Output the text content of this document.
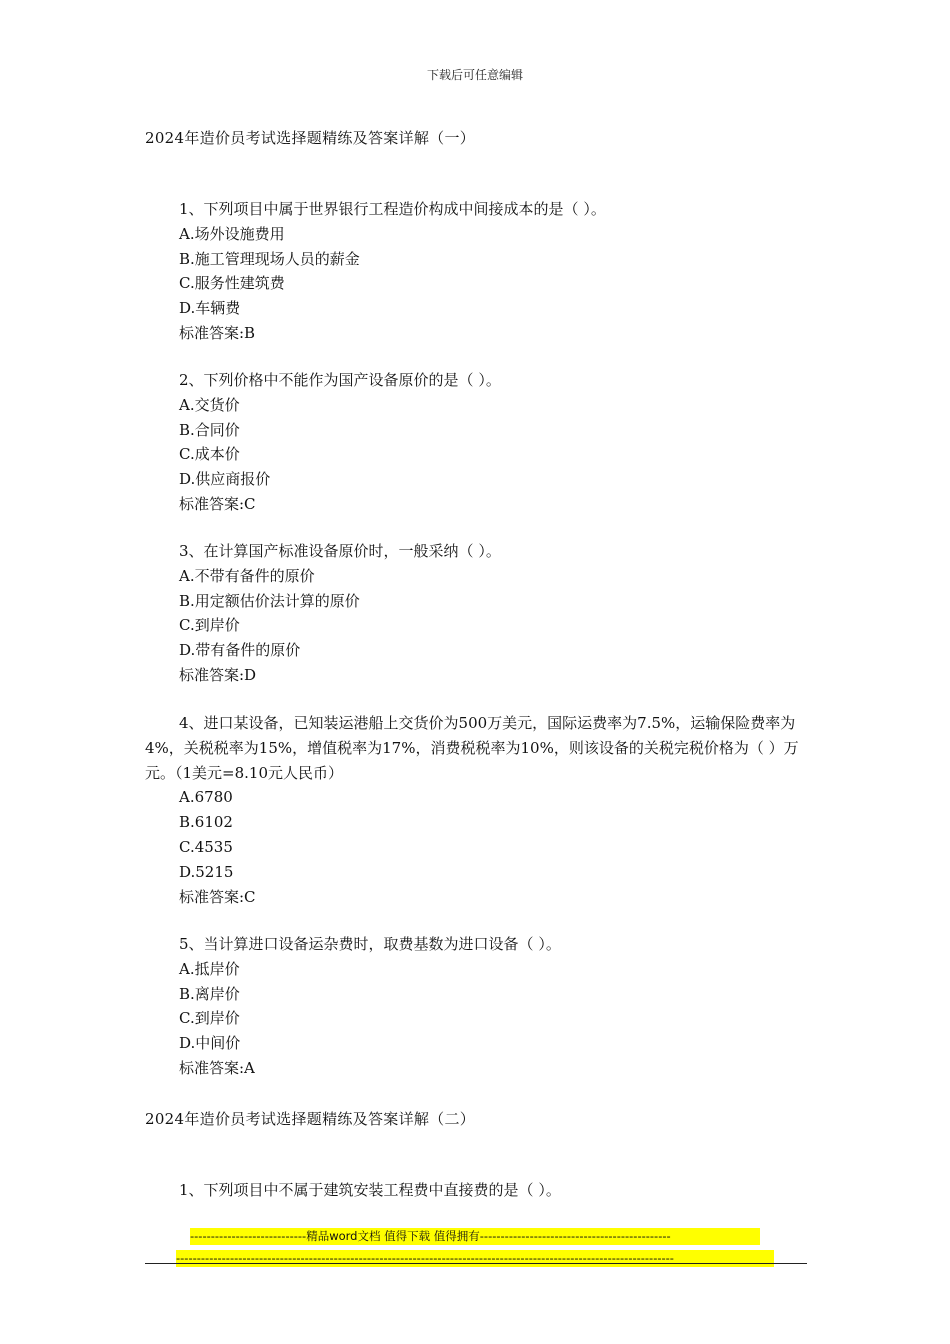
下载后可任意编辑
2024年造价员考试选择题精练及答案详解（一）

1、下列项目中属于世界银行工程造价构成中间接成本的是（ ）。

A.场外设施费用

B.施工管理现场人员的薪金

C.服务性建筑费

D.车辆费

标准答案:B

2、下列价格中不能作为国产设备原价的是（ ）。

A.交货价

B.合同价

C.成本价

D.供应商报价

标准答案:C

3、在计算国产标准设备原价时，一般采纳（ ）。

A.不带有备件的原价

B.用定额估价法计算的原价

C.到岸价

D.带有备件的原价

标准答案:D

4、进口某设备，已知装运港船上交货价为500万美元，国际运费率为7.5%，运输保险费率为4%，关税税率为15%，增值税率为17%，消费税税率为10%，则该设备的关税完税价格为（ ）万元。（1美元=8.10元人民币）

A.6780

B.6102

C.4535

D.5215

标准答案:C

5、当计算进口设备运杂费时，取费基数为进口设备（ ）。

A.抵岸价

B.离岸价

C.到岸价

D.中间价

标准答案:A

2024年造价员考试选择题精练及答案详解（二）

1、下列项目中不属于建筑安装工程费中直接费的是（ ）。

----------------------------精品word文档 值得下载 值得拥有----------------------------------------------
------------------------------------------------------------------------------------------------------------------------
